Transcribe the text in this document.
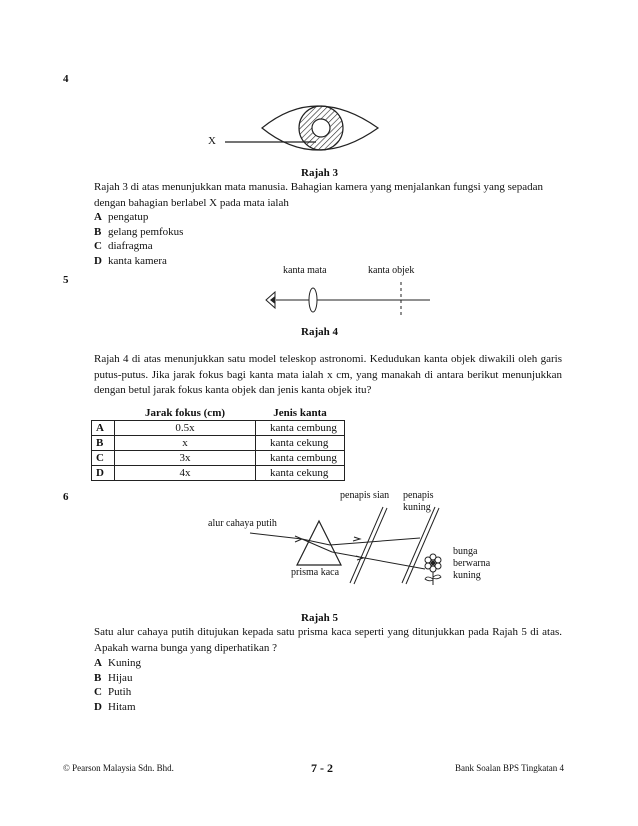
4
X
Rajah 3
Rajah 3 di atas menunjukkan mata manusia. Bahagian kamera yang menjalankan fungsi yang sepadan dengan bahagian berlabel X pada mata ialah
A pengatup
B gelang pemfokus
C diafragma
D kanta kamera
kanta mata	kanta objek
5
Rajah 4
Rajah 4 di atas menunjukkan satu model teleskop astronomi. Kedudukan kanta objek diwakili oleh garis putus-putus. Jika jarak fokus bagi kanta mata ialah x cm, yang manakah di antara berikut menunjukkan dengan betul jarak fokus kanta objek dan jenis kanta objek itu?
	Jarak fokus (cm)	Jenis kanta
A	0.5x	kanta cembung
B	x	kanta cekung
C	3x	kanta cembung
D	4x	kanta cekung
6	penapis sian penapis
kuning
alur cahaya putih
bunga
berwarna
kuning
prisma kaca
Rajah 5
Satu alur cahaya putih ditujukan kepada satu prisma kaca seperti yang ditunjukkan pada Rajah 5 di atas. Apakah warna bunga yang diperhatikan ?
A Kuning
B Hijau
C Putih
D Hitam
© Pearson Malaysia Sdn. Bhd.	7 - 2	Bank Soalan BPS Tingkatan 4
